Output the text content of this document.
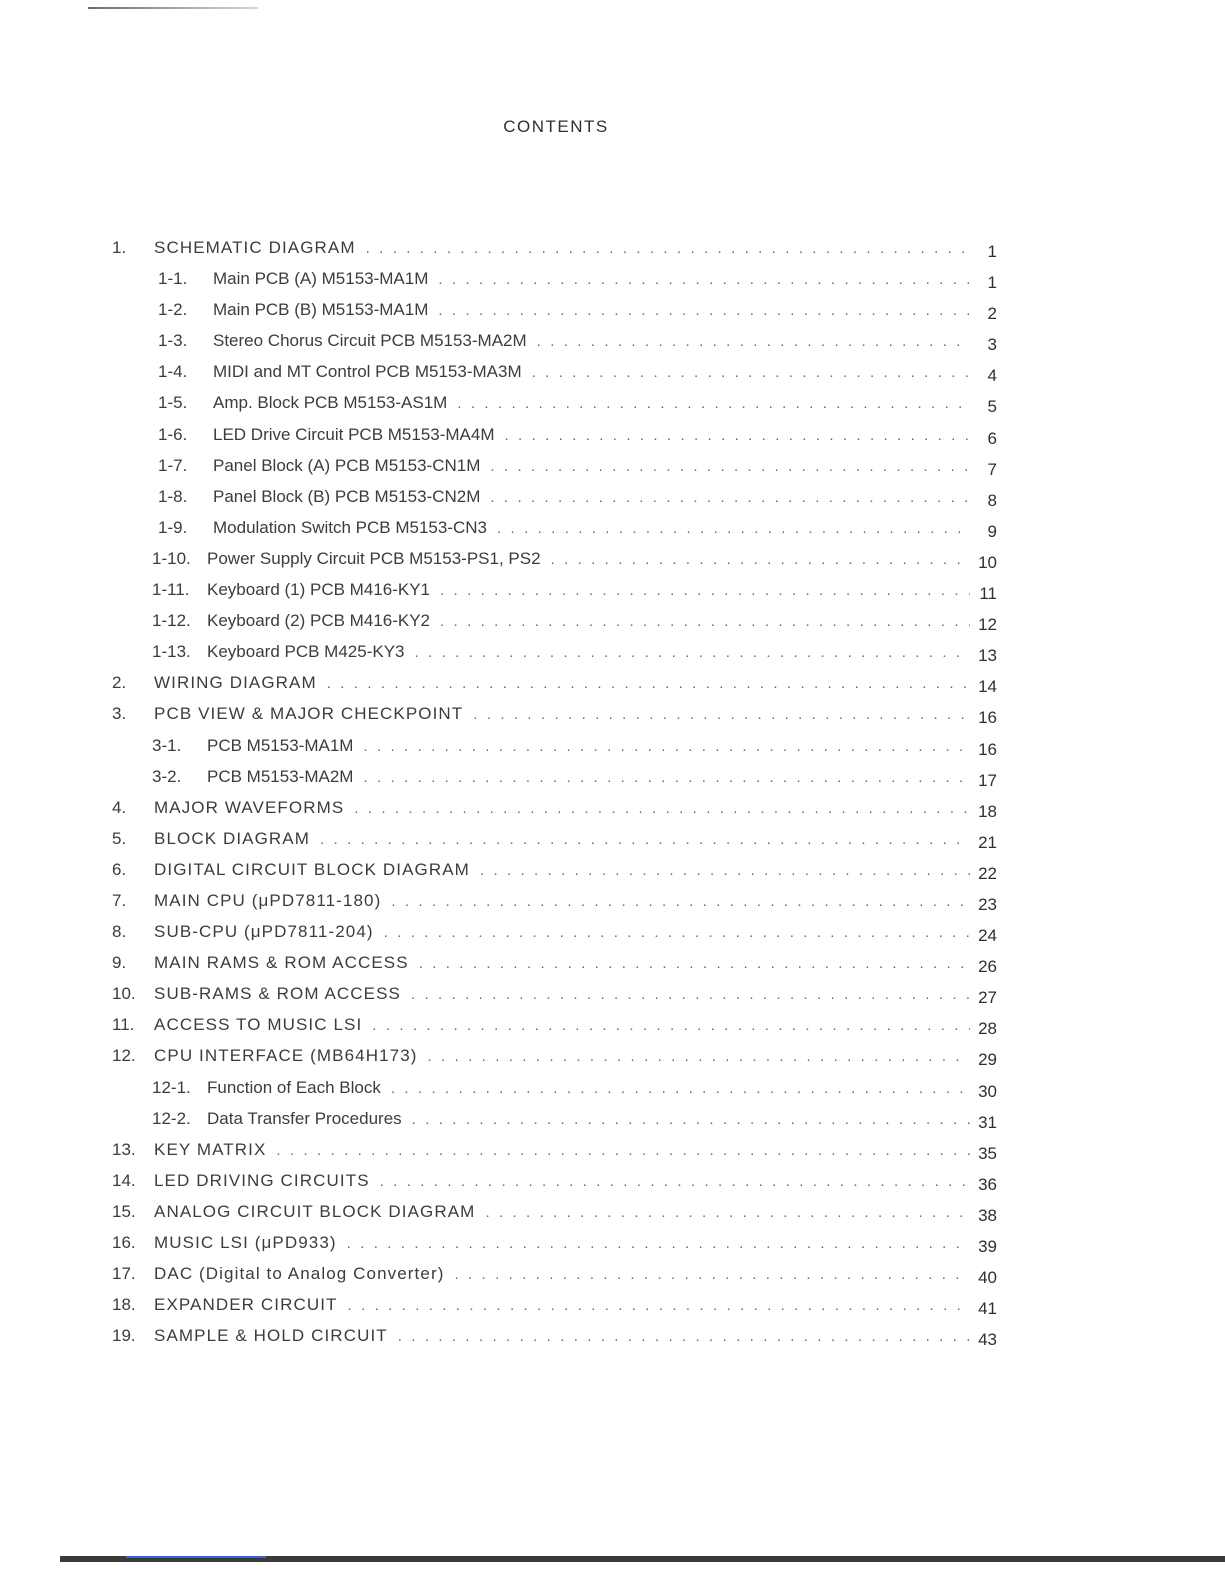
CONTENTS
1. SCHEMATIC DIAGRAM . . .	1
1-1. Main PCB (A) M5153-MA1M . . .	1
1-2. Main PCB (B) M5153-MA1M . . .	2
1-3. Stereo Chorus Circuit PCB M5153-MA2M . . .	3
1-4. MIDI and MT Control PCB M5153-MA3M . . .	4
1-5. Amp. Block PCB M5153-AS1M . . .	5
1-6. LED Drive Circuit PCB M5153-MA4M . . .	6
1-7. Panel Block (A) PCB M5153-CN1M . . .	7
1-8. Panel Block (B) PCB M5153-CN2M . . .	8
1-9. Modulation Switch PCB M5153-CN3 . . .	9
1-10. Power Supply Circuit PCB M5153-PS1, PS2 . . .	10
1-11. Keyboard (1) PCB M416-KY1 . . .	11
1-12. Keyboard (2) PCB M416-KY2 . . .	12
1-13. Keyboard PCB M425-KY3 . . .	13
2. WIRING DIAGRAM . . .	14
3. PCB VIEW & MAJOR CHECKPOINT . . .	16
3-1. PCB M5153-MA1M . . .	16
3-2. PCB M5153-MA2M . . .	17
4. MAJOR WAVEFORMS . . .	18
5. BLOCK DIAGRAM . . .	21
6. DIGITAL CIRCUIT BLOCK DIAGRAM . . .	22
7. MAIN CPU (μPD7811-180) . . .	23
8. SUB-CPU (μPD7811-204) . . .	24
9. MAIN RAMS & ROM ACCESS . . .	26
10. SUB-RAMS & ROM ACCESS . . .	27
11. ACCESS TO MUSIC LSI . . .	28
12. CPU INTERFACE (MB64H173) . . .	29
12-1. Function of Each Block . . .	30
12-2. Data Transfer Procedures . . .	31
13. KEY MATRIX . . .	35
14. LED DRIVING CIRCUITS . . .	36
15. ANALOG CIRCUIT BLOCK DIAGRAM . . .	38
16. MUSIC LSI (μPD933) . . .	39
17. DAC (Digital to Analog Converter) . . .	40
18. EXPANDER CIRCUIT . . .	41
19. SAMPLE & HOLD CIRCUIT . . .	43
